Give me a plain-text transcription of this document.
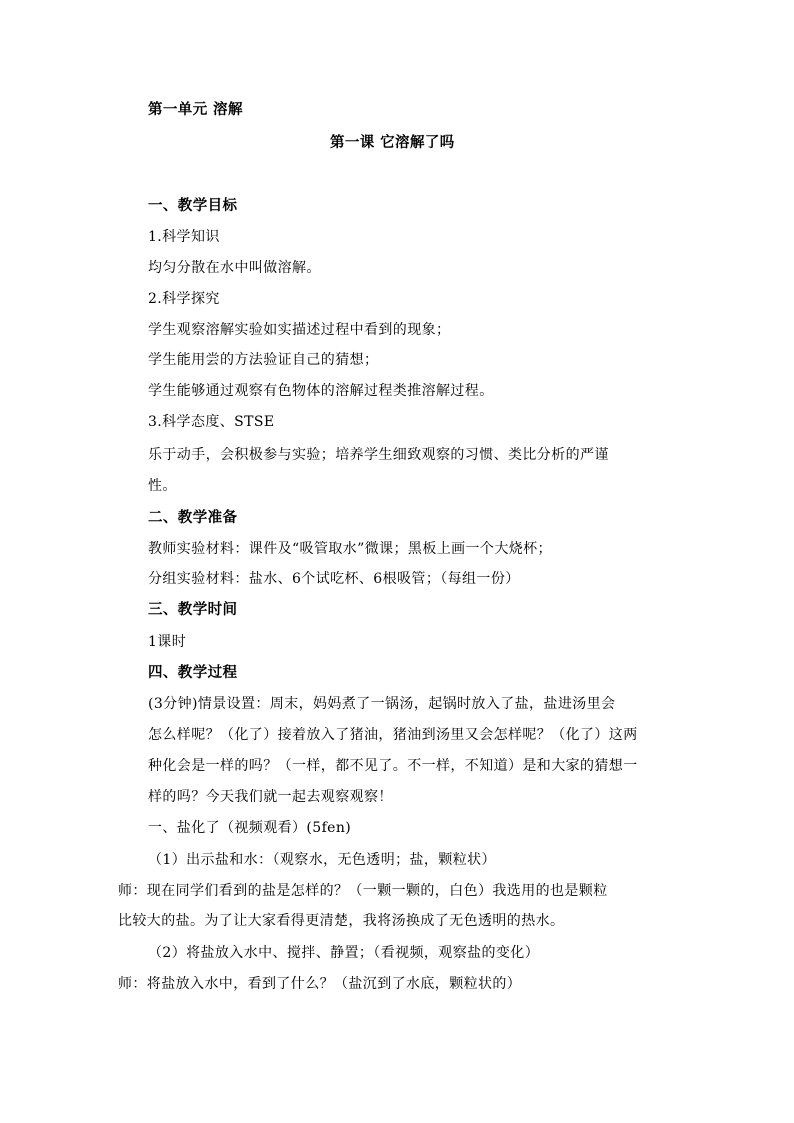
第一单元 溶解
第一课 它溶解了吗
一、教学目标
1.科学知识
均匀分散在水中叫做溶解。
2.科学探究
学生观察溶解实验如实描述过程中看到的现象；
学生能用尝的方法验证自己的猜想；
学生能够通过观察有色物体的溶解过程类推溶解过程。
3.科学态度、STSE
乐于动手，会积极参与实验；培养学生细致观察的习惯、类比分析的严谨
性。
二、教学准备
教师实验材料：课件及“吸管取水”微课；黑板上画一个大烧杯；
分组实验材料：盐水、6个试吃杯、6根吸管；（每组一份）
三、教学时间
1课时
四、教学过程
(3分钟)情景设置：周末，妈妈煮了一锅汤，起锅时放入了盐，盐进汤里会
怎么样呢？（化了）接着放入了猪油，猪油到汤里又会怎样呢？（化了）这两
种化会是一样的吗？（一样，都不见了。不一样，不知道）是和大家的猜想一
样的吗？今天我们就一起去观察观察！
一、盐化了（视频观看）(5fen)
（1）出示盐和水：（观察水，无色透明；盐，颗粒状）
师：现在同学们看到的盐是怎样的？（一颗一颗的，白色）我选用的也是颗粒
比较大的盐。为了让大家看得更清楚，我将汤换成了无色透明的热水。
（2）将盐放入水中、搅拌、静置；（看视频，观察盐的变化）
师：将盐放入水中，看到了什么？（盐沉到了水底，颗粒状的）
